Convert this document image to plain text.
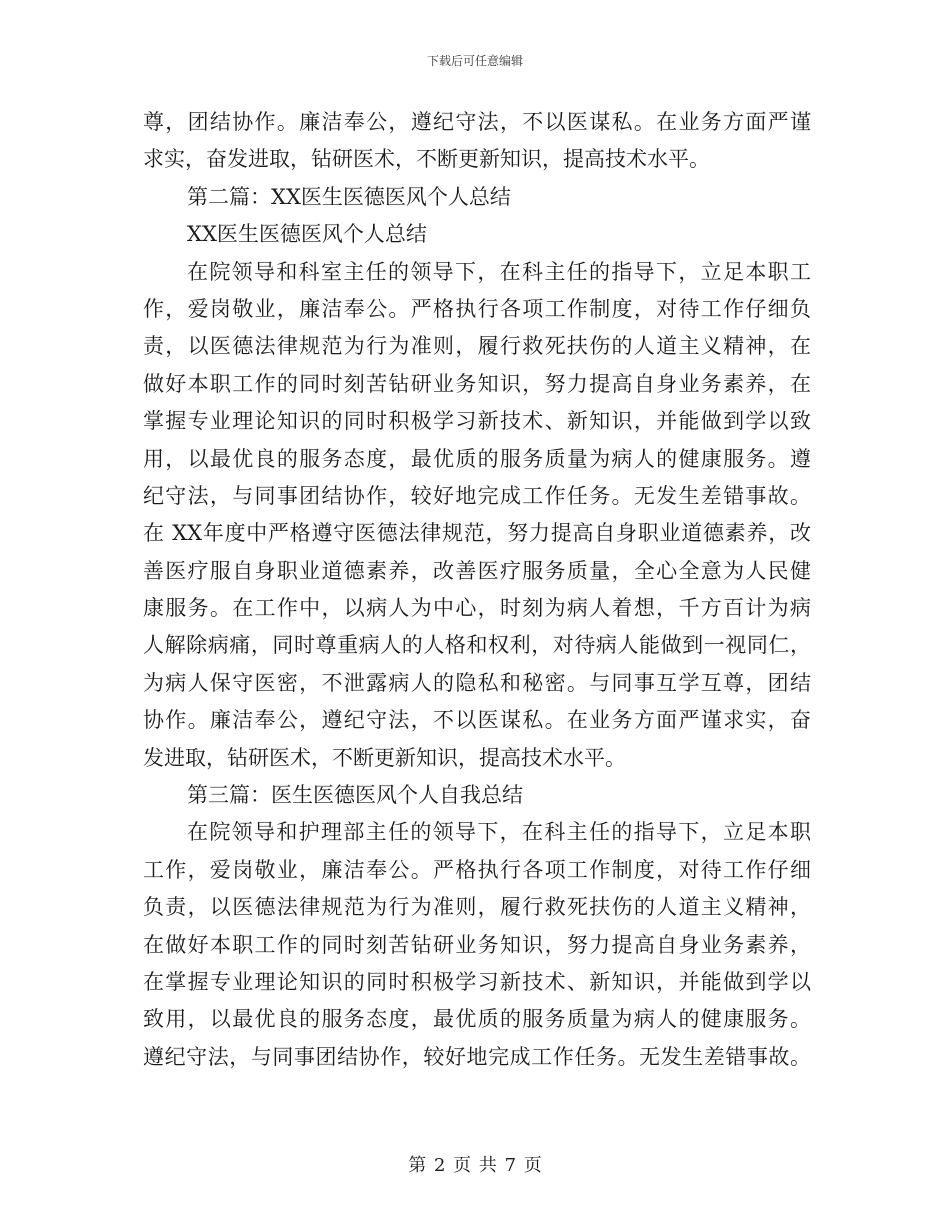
下载后可任意编辑
尊，团结协作。廉洁奉公，遵纪守法，不以医谋私。在业务方面严谨
求实，奋发进取，钻研医术，不断更新知识，提高技术水平。
第二篇：XX医生医德医风个人总结
XX医生医德医风个人总结
在院领导和科室主任的领导下，在科主任的指导下，立足本职工
作，爱岗敬业，廉洁奉公。严格执行各项工作制度，对待工作仔细负
责，以医德法律规范为行为准则，履行救死扶伤的人道主义精神，在
做好本职工作的同时刻苦钻研业务知识，努力提高自身业务素养，在
掌握专业理论知识的同时积极学习新技术、新知识，并能做到学以致
用，以最优良的服务态度，最优质的服务质量为病人的健康服务。遵
纪守法，与同事团结协作，较好地完成工作任务。无发生差错事故。
在 XX年度中严格遵守医德法律规范，努力提高自身职业道德素养，改
善医疗服自身职业道德素养，改善医疗服务质量，全心全意为人民健
康服务。在工作中，以病人为中心，时刻为病人着想，千方百计为病
人解除病痛，同时尊重病人的人格和权利，对待病人能做到一视同仁，
为病人保守医密，不泄露病人的隐私和秘密。与同事互学互尊，团结
协作。廉洁奉公，遵纪守法，不以医谋私。在业务方面严谨求实，奋
发进取，钻研医术，不断更新知识，提高技术水平。
第三篇：医生医德医风个人自我总结
在院领导和护理部主任的领导下，在科主任的指导下，立足本职
工作，爱岗敬业，廉洁奉公。严格执行各项工作制度，对待工作仔细
负责，以医德法律规范为行为准则，履行救死扶伤的人道主义精神，
在做好本职工作的同时刻苦钻研业务知识，努力提高自身业务素养，
在掌握专业理论知识的同时积极学习新技术、新知识，并能做到学以
致用，以最优良的服务态度，最优质的服务质量为病人的健康服务。
遵纪守法，与同事团结协作，较好地完成工作任务。无发生差错事故。
第 2 页 共 7 页
